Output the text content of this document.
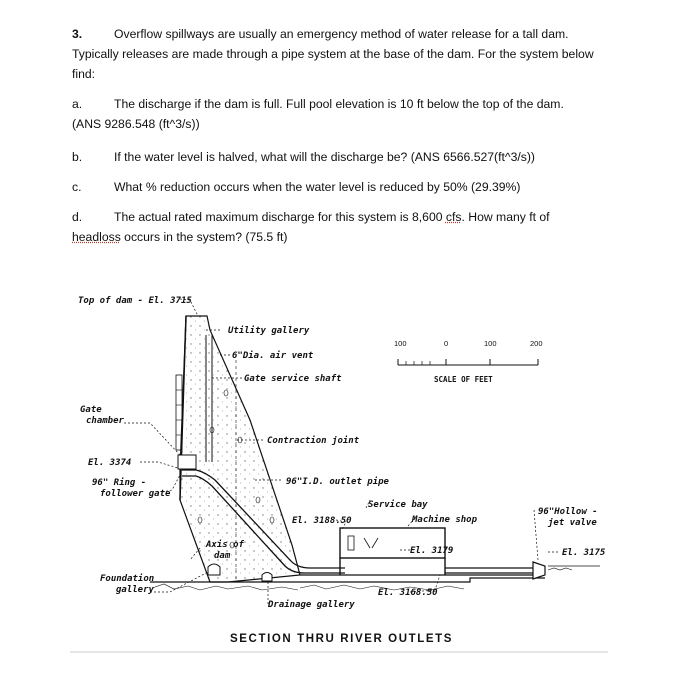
3.	Overflow spillways are usually an emergency method of water release for a tall dam.
Typically releases are made through a pipe system at the base of the dam. For the system below
find:
a.	The discharge if the dam is full. Full pool elevation is 10 ft below the top of the dam.
(ANS 9286.548 (ft^3/s))
b.	If the water level is halved, what will the discharge be? (ANS 6566.527(ft^3/s))
c.	What % reduction occurs when the water level is reduced by 50% (29.39%)
d.	The actual rated maximum discharge for this system is 8,600 cfs. How many ft of
headloss occurs in the system? (75.5 ft)
100	0	100	200
SCALE OF FEET
Top of dam - El. 3715
Utility gallery
6"Dia. air vent
Gate service shaft
Gate
chamber
Contraction joint
El. 3374
96" Ring -
follower gate
96"I.D. outlet pipe
El. 3188.50
Service bay
Machine shop
Axis of
dam	El. 3179
Foundation
gallery	El. 3168.50
Drainage gallery
96"Hollow -
jet valve
El. 3175
SECTION THRU RIVER OUTLETS
